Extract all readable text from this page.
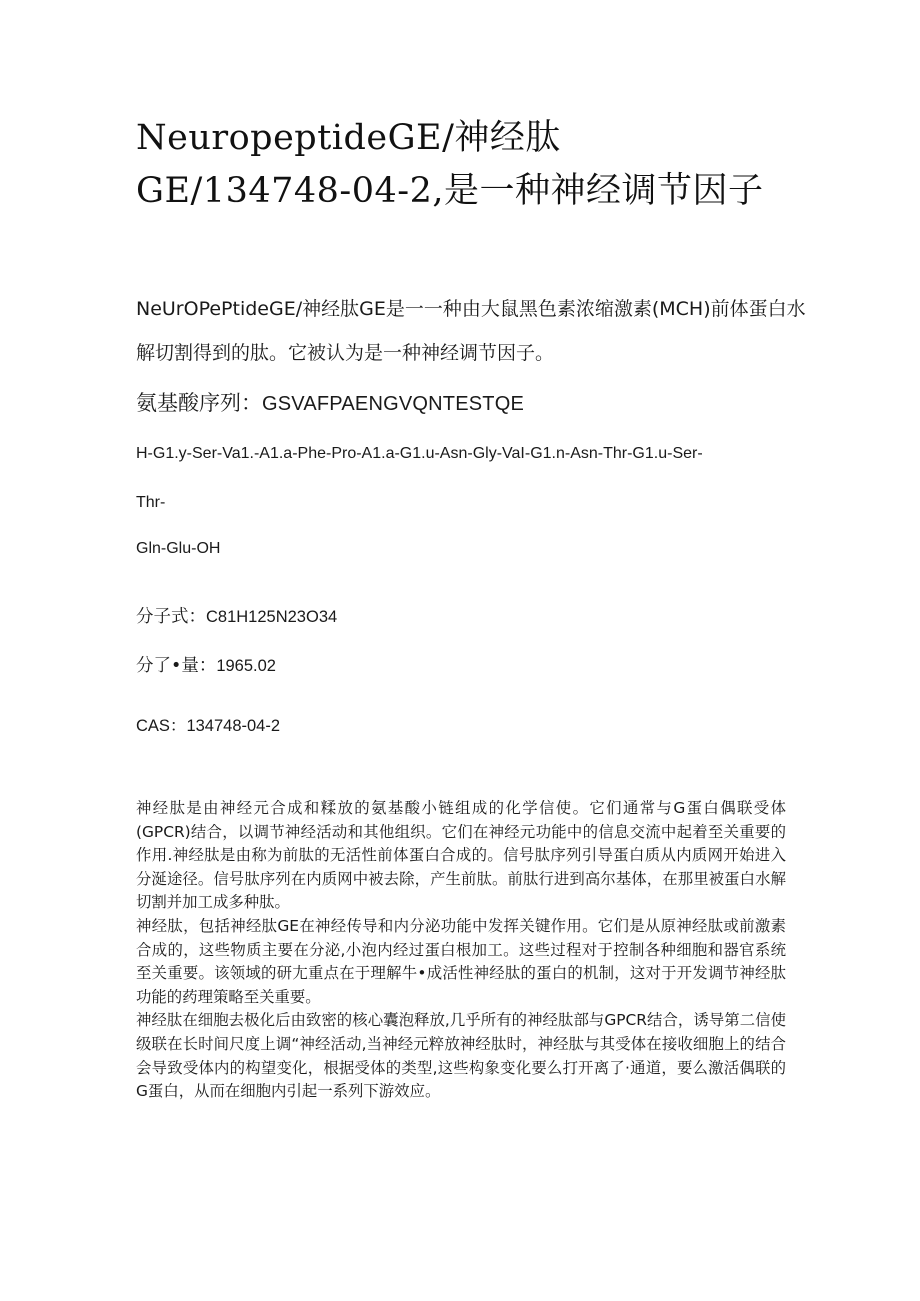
NeuropeptideGE/神经肽
GE/134748-04-2,是一种神经调节因子
NeUrOPePtideGE/神经肽GE是一一种由大鼠黑色素浓缩激素(MCH)前体蛋白水解切割得到的肽。它被认为是一种神经调节因子。
氨基酸序列：GSVAFPAENGVQNTESTQE
H-G1.y-Ser-Va1.-A1.a-Phe-Pro-A1.a-G1.u-Asn-Gly-VaI-G1.n-Asn-Thr-G1.u-Ser-
Thr-
Gln-Glu-OH
分子式：C81H125N23O34
分了•量：1965.02
CAS：134748-04-2

神经肽是由神经元合成和糅放的氨基酸小链组成的化学信使。它们通常与G蛋白偶联受体(GPCR)结合，以调节神经活动和其他组织。它们在神经元功能中的信息交流中起着至关重要的作用.神经肽是由称为前肽的无活性前体蛋白合成的。信号肽序列引导蛋白质从内质网开始进入分涎途径。信号肽序列在内质网中被去除，产生前肽。前肽行进到高尔基体，在那里被蛋白水解切割并加工成多种肽。

神经肽，包括神经肽GE在神经传导和内分泌功能中发挥关键作用。它们是从原神经肽或前激素合成的，这些物质主要在分泌,小泡内经过蛋白根加工。这些过程对于控制各种细胞和器官系统至关重要。该领域的研尢重点在于理解牛•成活性神经肽的蛋白的机制，这对于开发调节神经肽功能的药理策略至关重要。

神经肽在细胞去极化后由致密的核心囊泡释放,几乎所有的神经肽部与GPCR结合，诱导第二信使级联在长时间尺度上调“神经活动,当神经元粹放神经肽时，神经肽与其受体在接收细胞上的结合会导致受体内的构望变化，根据受体的类型,这些构象变化要么打开离了·通道，要么激活偶联的G蛋白，从而在细胞内引起一系列下游效应。
